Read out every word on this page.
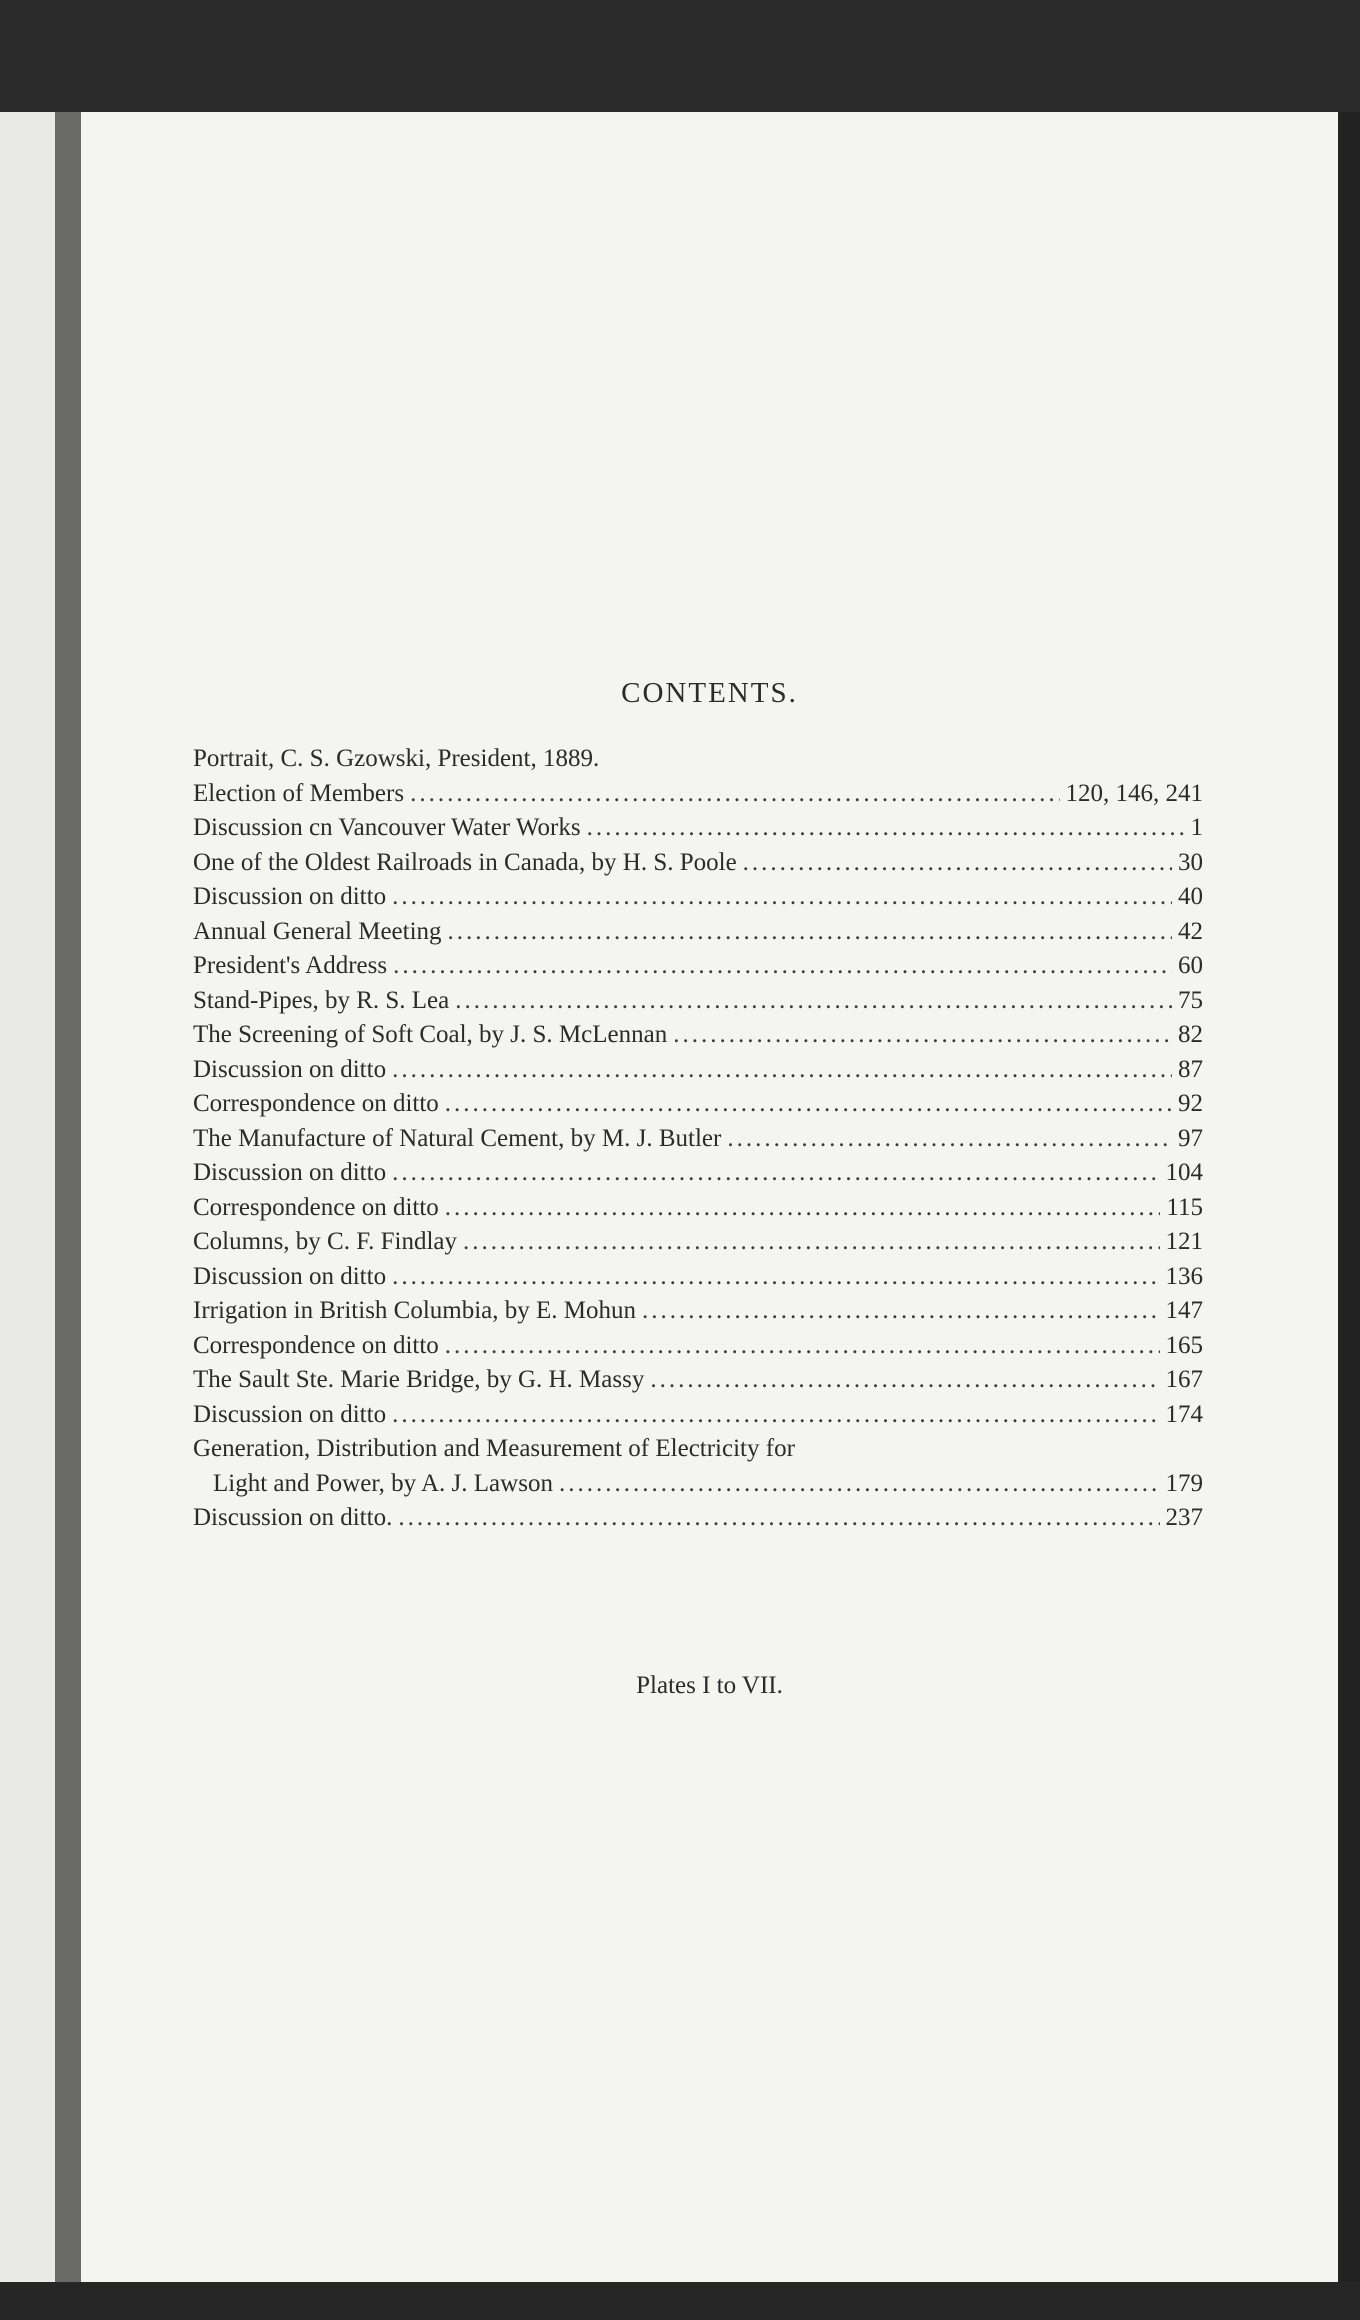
CONTENTS.
Portrait, C. S. Gzowski, President, 1889.
Election of Members .....	120, 146, 241
Discussion cn Vancouver Water Works .....	1
One of the Oldest Railroads in Canada, by H. S. Poole .....	30
Discussion on ditto .....	40
Annual General Meeting .....	42
President's Address .....	60
Stand-Pipes, by R. S. Lea .....	75
The Screening of Soft Coal, by J. S. McLennan .....	82
Discussion on ditto .....	87
Correspondence on ditto .....	92
The Manufacture of Natural Cement, by M. J. Butler .....	97
Discussion on ditto .....	104
Correspondence on ditto .....	115
Columns, by C. F. Findlay .....	121
Discussion on ditto .....	136
Irrigation in British Columbia, by E. Mohun .....	147
Correspondence on ditto .....	165
The Sault Ste. Marie Bridge, by G. H. Massy .....	167
Discussion on ditto .....	174
Generation, Distribution and Measurement of Electricity for
Light and Power, by A. J. Lawson .....	179
Discussion on ditto. .....	237
Plates I to VII.
